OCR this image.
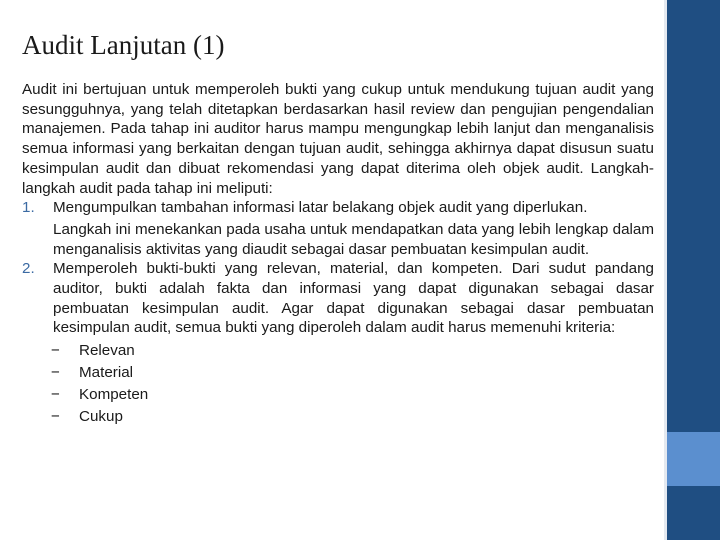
Audit Lanjutan (1)

Audit ini bertujuan untuk memperoleh bukti yang cukup untuk mendukung tujuan audit yang sesungguhnya, yang telah ditetapkan berdasarkan hasil review dan pengujian pengendalian manajemen. Pada tahap ini auditor harus mampu mengungkap lebih lanjut dan menganalisis semua informasi yang berkaitan dengan tujuan audit, sehingga akhirnya dapat disusun suatu kesimpulan audit dan dibuat rekomendasi yang dapat diterima oleh objek audit. Langkah-langkah audit pada tahap ini meliputi:

1. Mengumpulkan tambahan informasi latar belakang objek audit yang diperlukan.

Langkah ini menekankan pada usaha untuk mendapatkan data yang lebih lengkap dalam menganalisis aktivitas yang diaudit sebagai dasar pembuatan kesimpulan audit.

2. Memperoleh bukti-bukti yang relevan, material, dan kompeten. Dari sudut pandang auditor, bukti adalah fakta dan informasi yang dapat digunakan sebagai dasar pembuatan kesimpulan audit. Agar dapat digunakan sebagai dasar pembuatan kesimpulan audit, semua bukti yang diperoleh dalam audit harus memenuhi kriteria:

− Relevan
− Material
− Kompeten
− Cukup
